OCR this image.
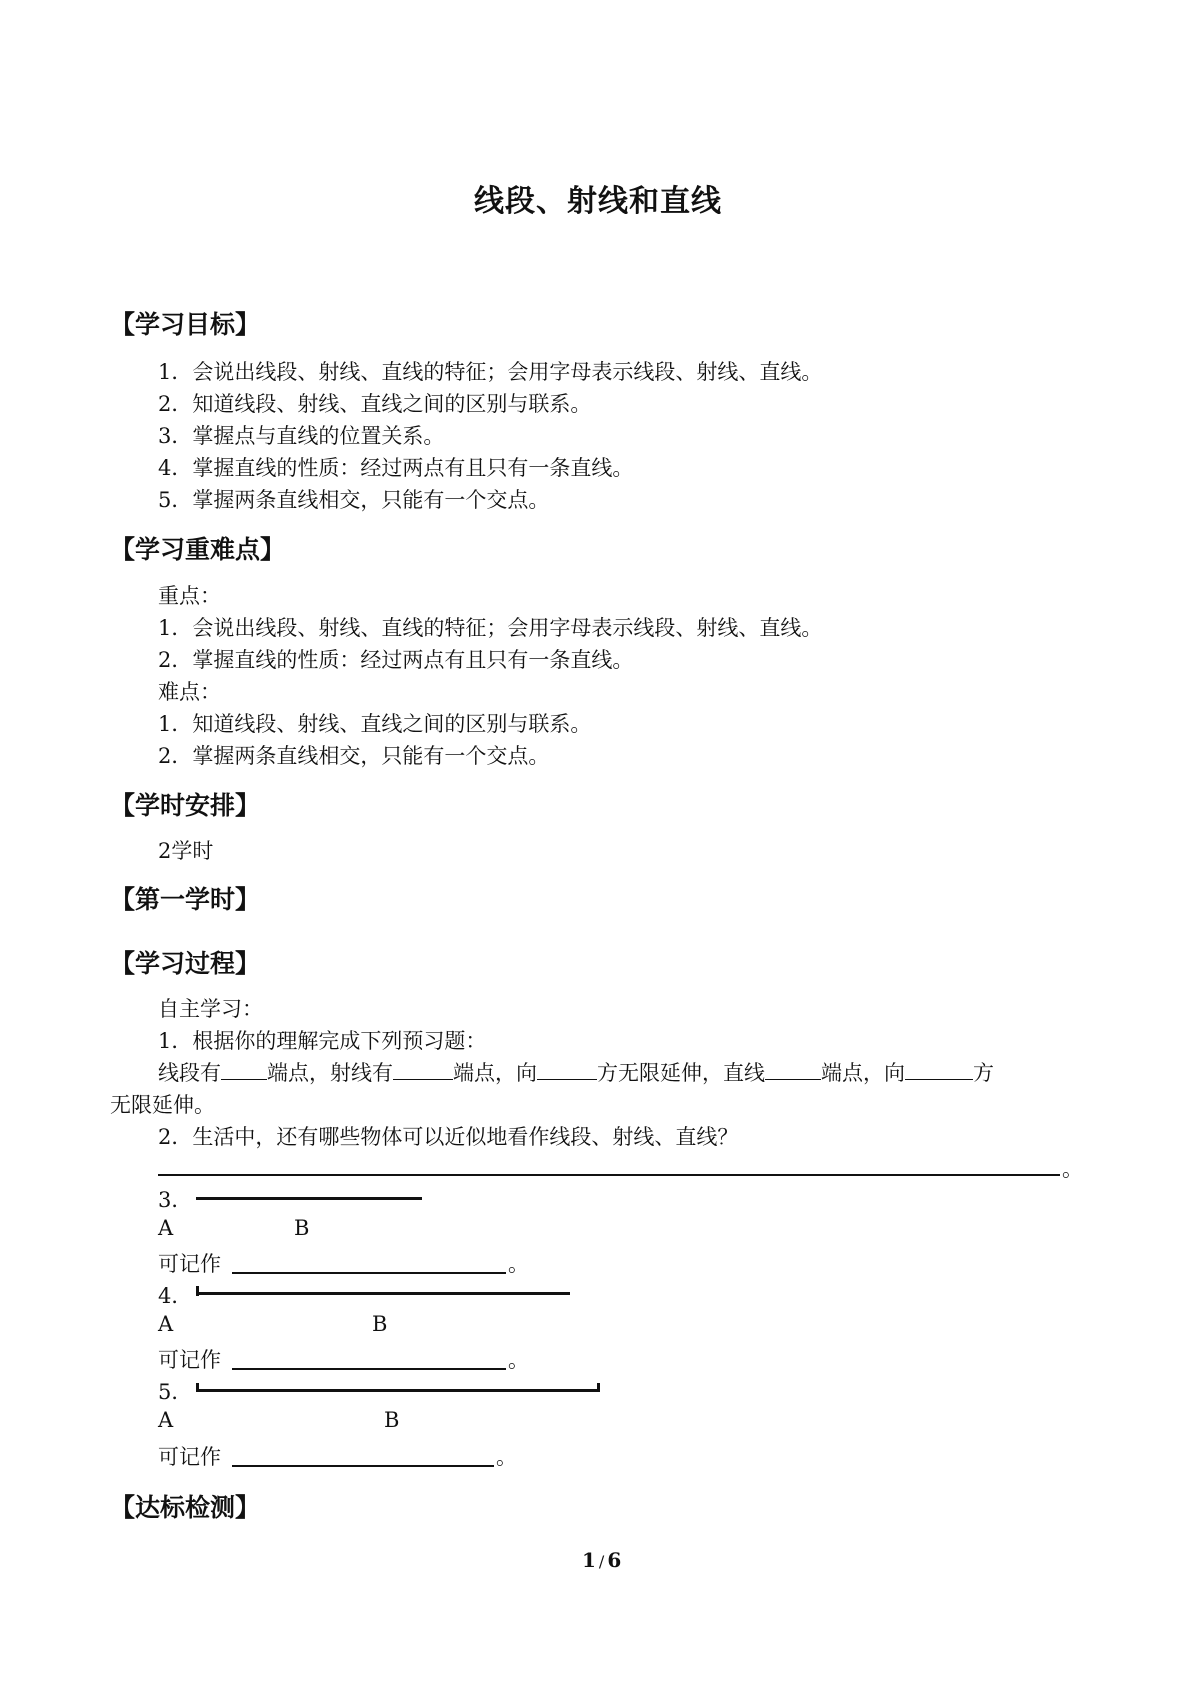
线段、射线和直线
【学习目标】
1．会说出线段、射线、直线的特征；会用字母表示线段、射线、直线。
2．知道线段、射线、直线之间的区别与联系。
3．掌握点与直线的位置关系。
4．掌握直线的性质：经过两点有且只有一条直线。
5．掌握两条直线相交，只能有一个交点。
【学习重难点】
重点：
1．会说出线段、射线、直线的特征；会用字母表示线段、射线、直线。
2．掌握直线的性质：经过两点有且只有一条直线。
难点：
1．知道线段、射线、直线之间的区别与联系。
2．掌握两条直线相交，只能有一个交点。
【学时安排】
2学时
【第一学时】
【学习过程】
自主学习：
1．根据你的理解完成下列预习题：
线段有 端点，射线有	端点，向	方无限延伸，直线	端点，向	方
无限延伸。
2．生活中，还有哪些物体可以近似地看作线段、射线、直线？
。
3．
A	B
可记作	。
4．
A	B
可记作	。
5．
A	B
可记作	。
【达标检测】
1 / 6
